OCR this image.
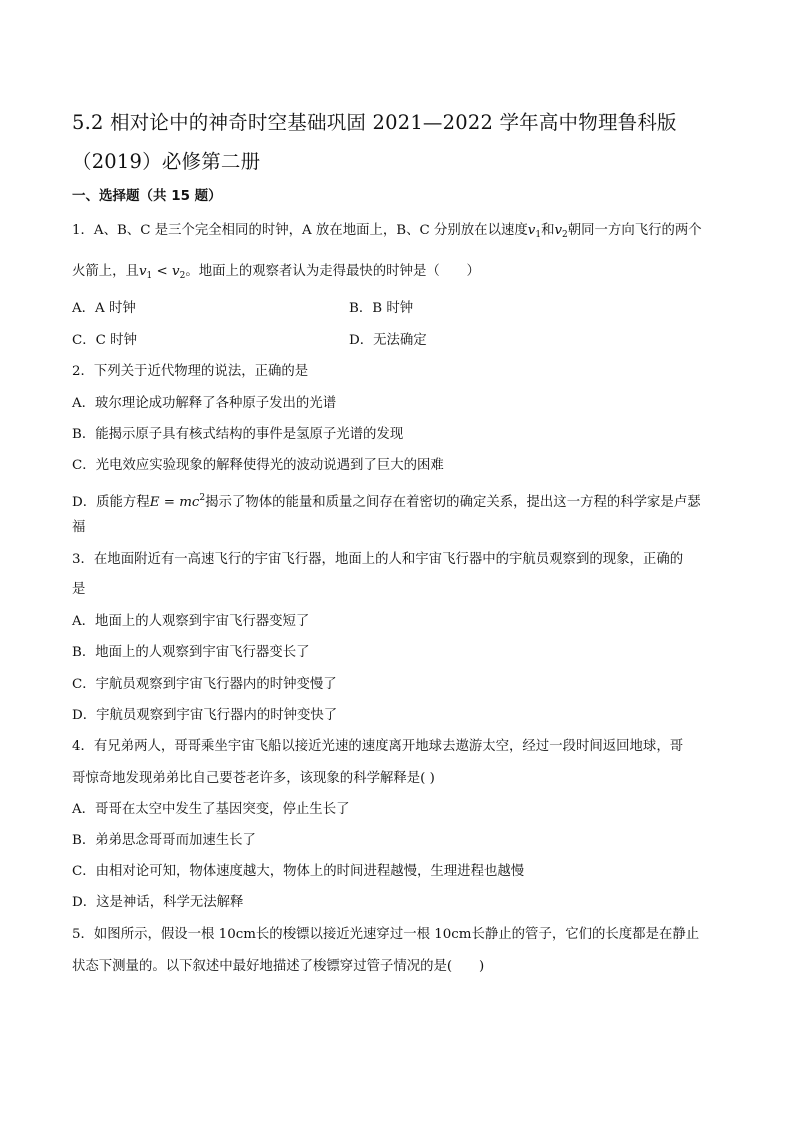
5.2 相对论中的神奇时空基础巩固 2021—2022 学年高中物理鲁科版
（2019）必修第二册
一、选择题（共 15 题）
1．A、B、C 是三个完全相同的时钟，A 放在地面上，B、C 分别放在以速度$v_1$和$v_2$朝同一方向飞行的两个
火箭上，且$v_1 < v_2$。地面上的观察者认为走得最快的时钟是（　　）
A．A 时钟	B．B 时钟
C．C 时钟	D．无法确定
2．下列关于近代物理的说法，正确的是
A．玻尔理论成功解释了各种原子发出的光谱
B．能揭示原子具有核式结构的事件是氢原子光谱的发现
C．光电效应实验现象的解释使得光的波动说遇到了巨大的困难
D．质能方程$E = mc^2$揭示了物体的能量和质量之间存在着密切的确定关系，提出这一方程的科学家是卢瑟
福
3．在地面附近有一高速飞行的宇宙飞行器，地面上的人和宇宙飞行器中的宇航员观察到的现象，正确的
是
A．地面上的人观察到宇宙飞行器变短了
B．地面上的人观察到宇宙飞行器变长了
C．宇航员观察到宇宙飞行器内的时钟变慢了
D．宇航员观察到宇宙飞行器内的时钟变快了
4．有兄弟两人，哥哥乘坐宇宙飞船以接近光速的速度离开地球去遨游太空，经过一段时间返回地球，哥
哥惊奇地发现弟弟比自己要苍老许多，该现象的科学解释是( )
A．哥哥在太空中发生了基因突变，停止生长了
B．弟弟思念哥哥而加速生长了
C．由相对论可知，物体速度越大，物体上的时间进程越慢，生理进程也越慢
D．这是神话，科学无法解释
5．如图所示，假设一根 10cm长的梭镖以接近光速穿过一根 10cm长静止的管子，它们的长度都是在静止
状态下测量的。以下叙述中最好地描述了梭镖穿过管子情况的是(　　)
